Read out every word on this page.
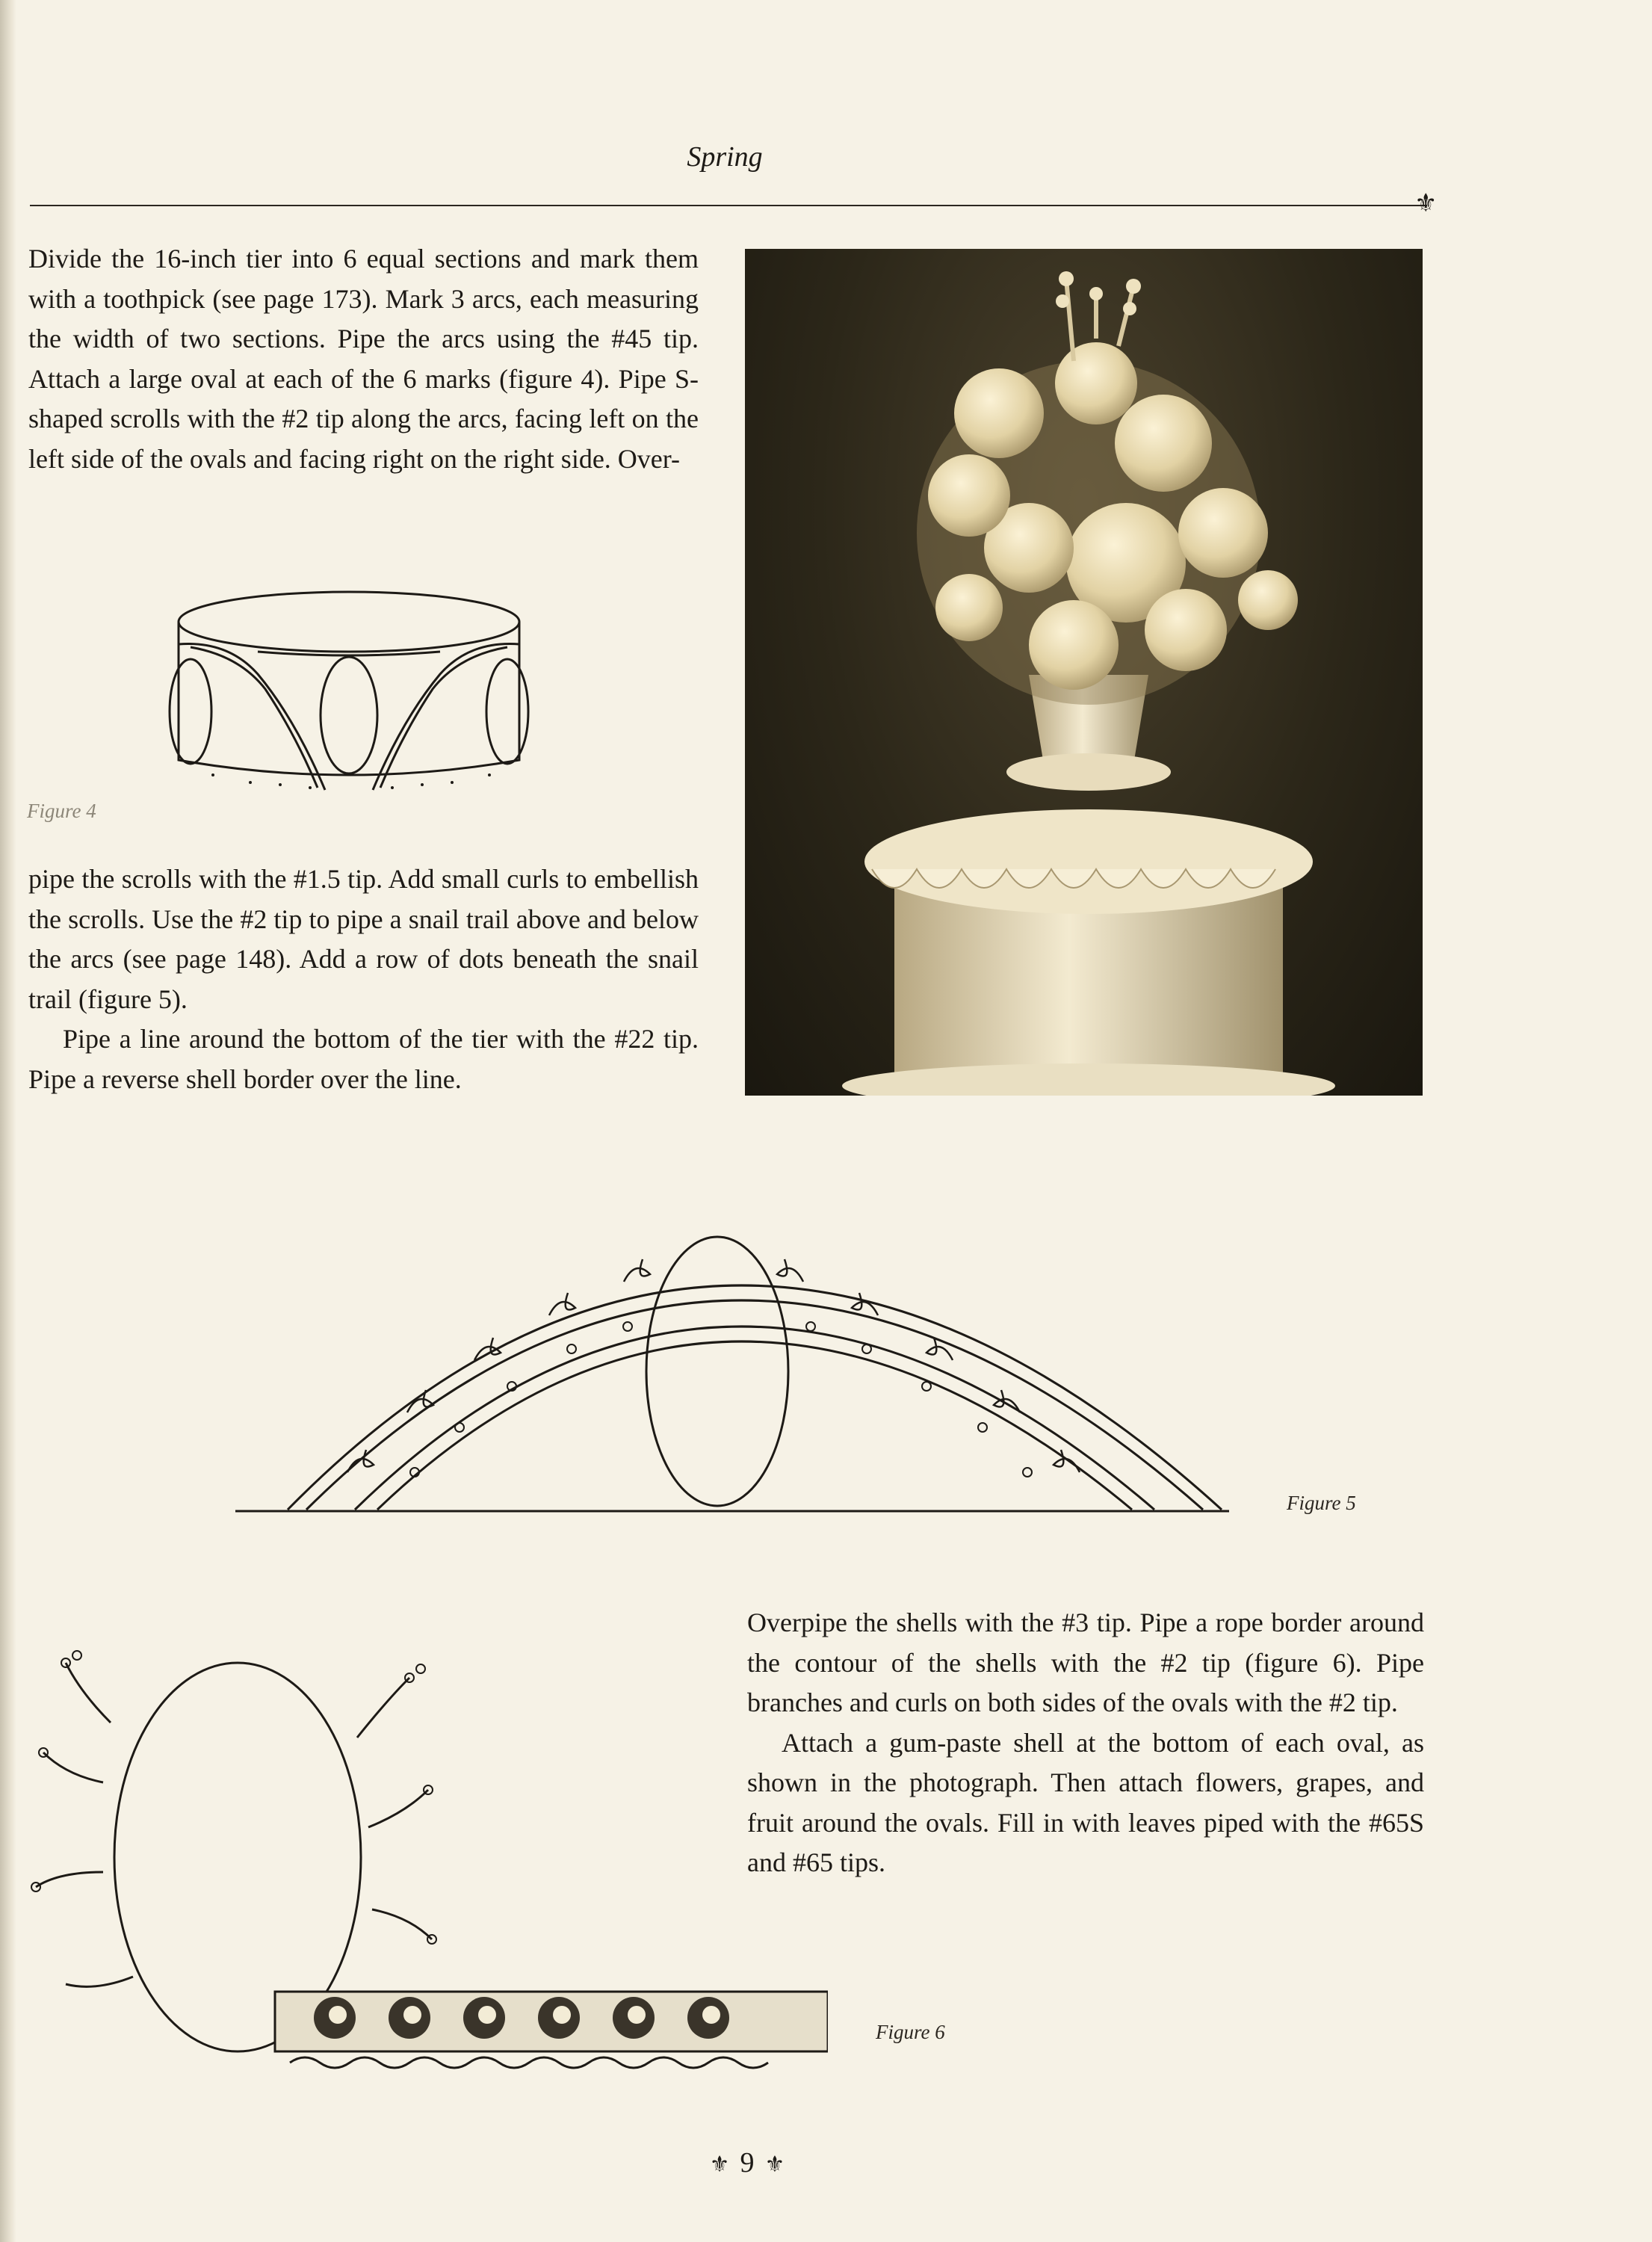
Spring
⚜

Divide the 16-inch tier into 6 equal sections and mark them with a toothpick (see page 173). Mark 3 arcs, each measuring the width of two sections. Pipe the arcs using the #45 tip. Attach a large oval at each of the 6 marks (figure 4). Pipe S-shaped scrolls with the #2 tip along the arcs, facing left on the left side of the ovals and facing right on the right side. Over-

Figure 4

pipe the scrolls with the #1.5 tip. Add small curls to embellish the scrolls. Use the #2 tip to pipe a snail trail above and below the arcs (see page 148). Add a row of dots beneath the snail trail (figure 5).

Pipe a line around the bottom of the tier with the #22 tip. Pipe a reverse shell border over the line.

Figure 5
Figure 6

Overpipe the shells with the #3 tip. Pipe a rope border around the contour of the shells with the #2 tip (figure 6). Pipe branches and curls on both sides of the ovals with the #2 tip.

Attach a gum-paste shell at the bottom of each oval, as shown in the photograph. Then attach flowers, grapes, and fruit around the ovals. Fill in with leaves piped with the #65S and #65 tips.

⚜ 9 ⚜
